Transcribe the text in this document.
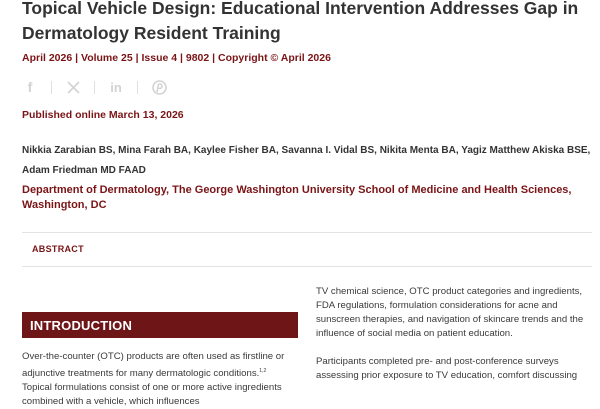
Topical Vehicle Design: Educational Intervention Addresses Gap in Dermatology Resident Training
April 2026 | Volume 25 | Issue 4 | 9802 | Copyright © April 2026
f	in
Published online March 13, 2026
Nikkia Zarabian BS, Mina Farah BA, Kaylee Fisher BA, Savanna I. Vidal BS, Nikita Menta BA, Yagiz Matthew Akiska BSE, Adam Friedman MD FAAD
Department of Dermatology, The George Washington University School of Medicine and Health Sciences, Washington, DC
ABSTRACT
INTRODUCTION
Over-the-counter (OTC) products are often used as firstline or adjunctive treatments for many dermatologic conditions.$^{1,2}$ Topical formulations consist of one or more active ingredients combined with a vehicle, which influences
TV chemical science, OTC product categories and ingredients, FDA regulations, formulation considerations for acne and sunscreen therapies, and navigation of skincare trends and the influence of social media on patient education.
Participants completed pre- and post-conference surveys assessing prior exposure to TV education, comfort discussing
